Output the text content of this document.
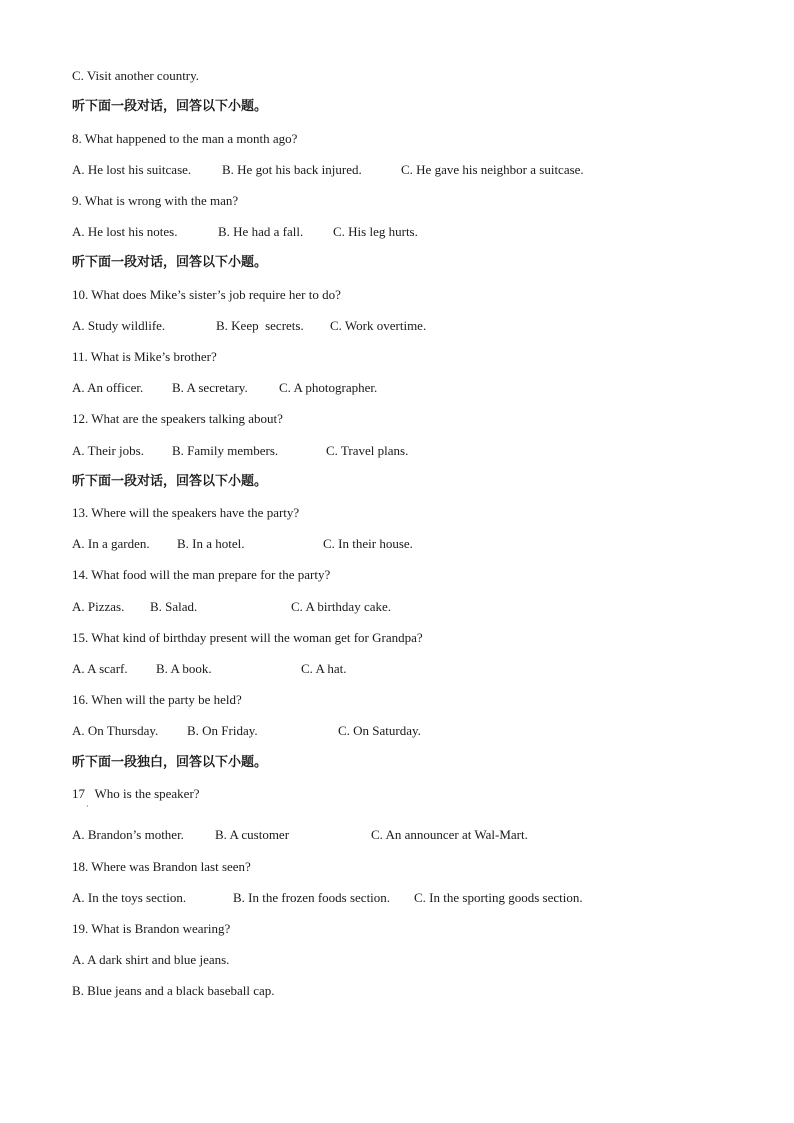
C. Visit another country.
听下面一段对话，回答以下小题。
8. What happened to the man a month ago?
A. He lost his suitcase. B. He got his back injured.	C. He gave his neighbor a suitcase.
9. What is wrong with the man?
A. He lost his notes.	B. He had a fall. C. His leg hurts.
听下面一段对话，回答以下小题。
10. What does Mike’s sister’s job require her to do?
A. Study wildlife.	B. Keep  secrets. C. Work overtime.
11. What is Mike’s brother?
A. An officer. B. A secretary. C. A photographer.
12. What are the speakers talking about?
A. Their jobs. B. Family members.	C. Travel plans.
听下面一段对话，回答以下小题。
13. Where will the speakers have the party?
A. In a garden. B. In a hotel.	C. In their house.
14. What food will the man prepare for the party?
A. Pizzas. B. Salad.	C. A birthday cake.
15. What kind of birthday present will the woman get for Grandpa?
A. A scarf. B. A book.	C. A hat.
16. When will the party be held?
A. On Thursday. B. On Friday.	C. On Saturday.
听下面一段独白，回答以下小题。
17   Who is the speaker?
·
A. Brandon’s mother. B. A customer	C. An announcer at Wal-Mart.
18. Where was Brandon last seen?
A. In the toys section.	B. In the frozen foods section. C. In the sporting goods section.
19. What is Brandon wearing?
A. A dark shirt and blue jeans.
B. Blue jeans and a black baseball cap.
